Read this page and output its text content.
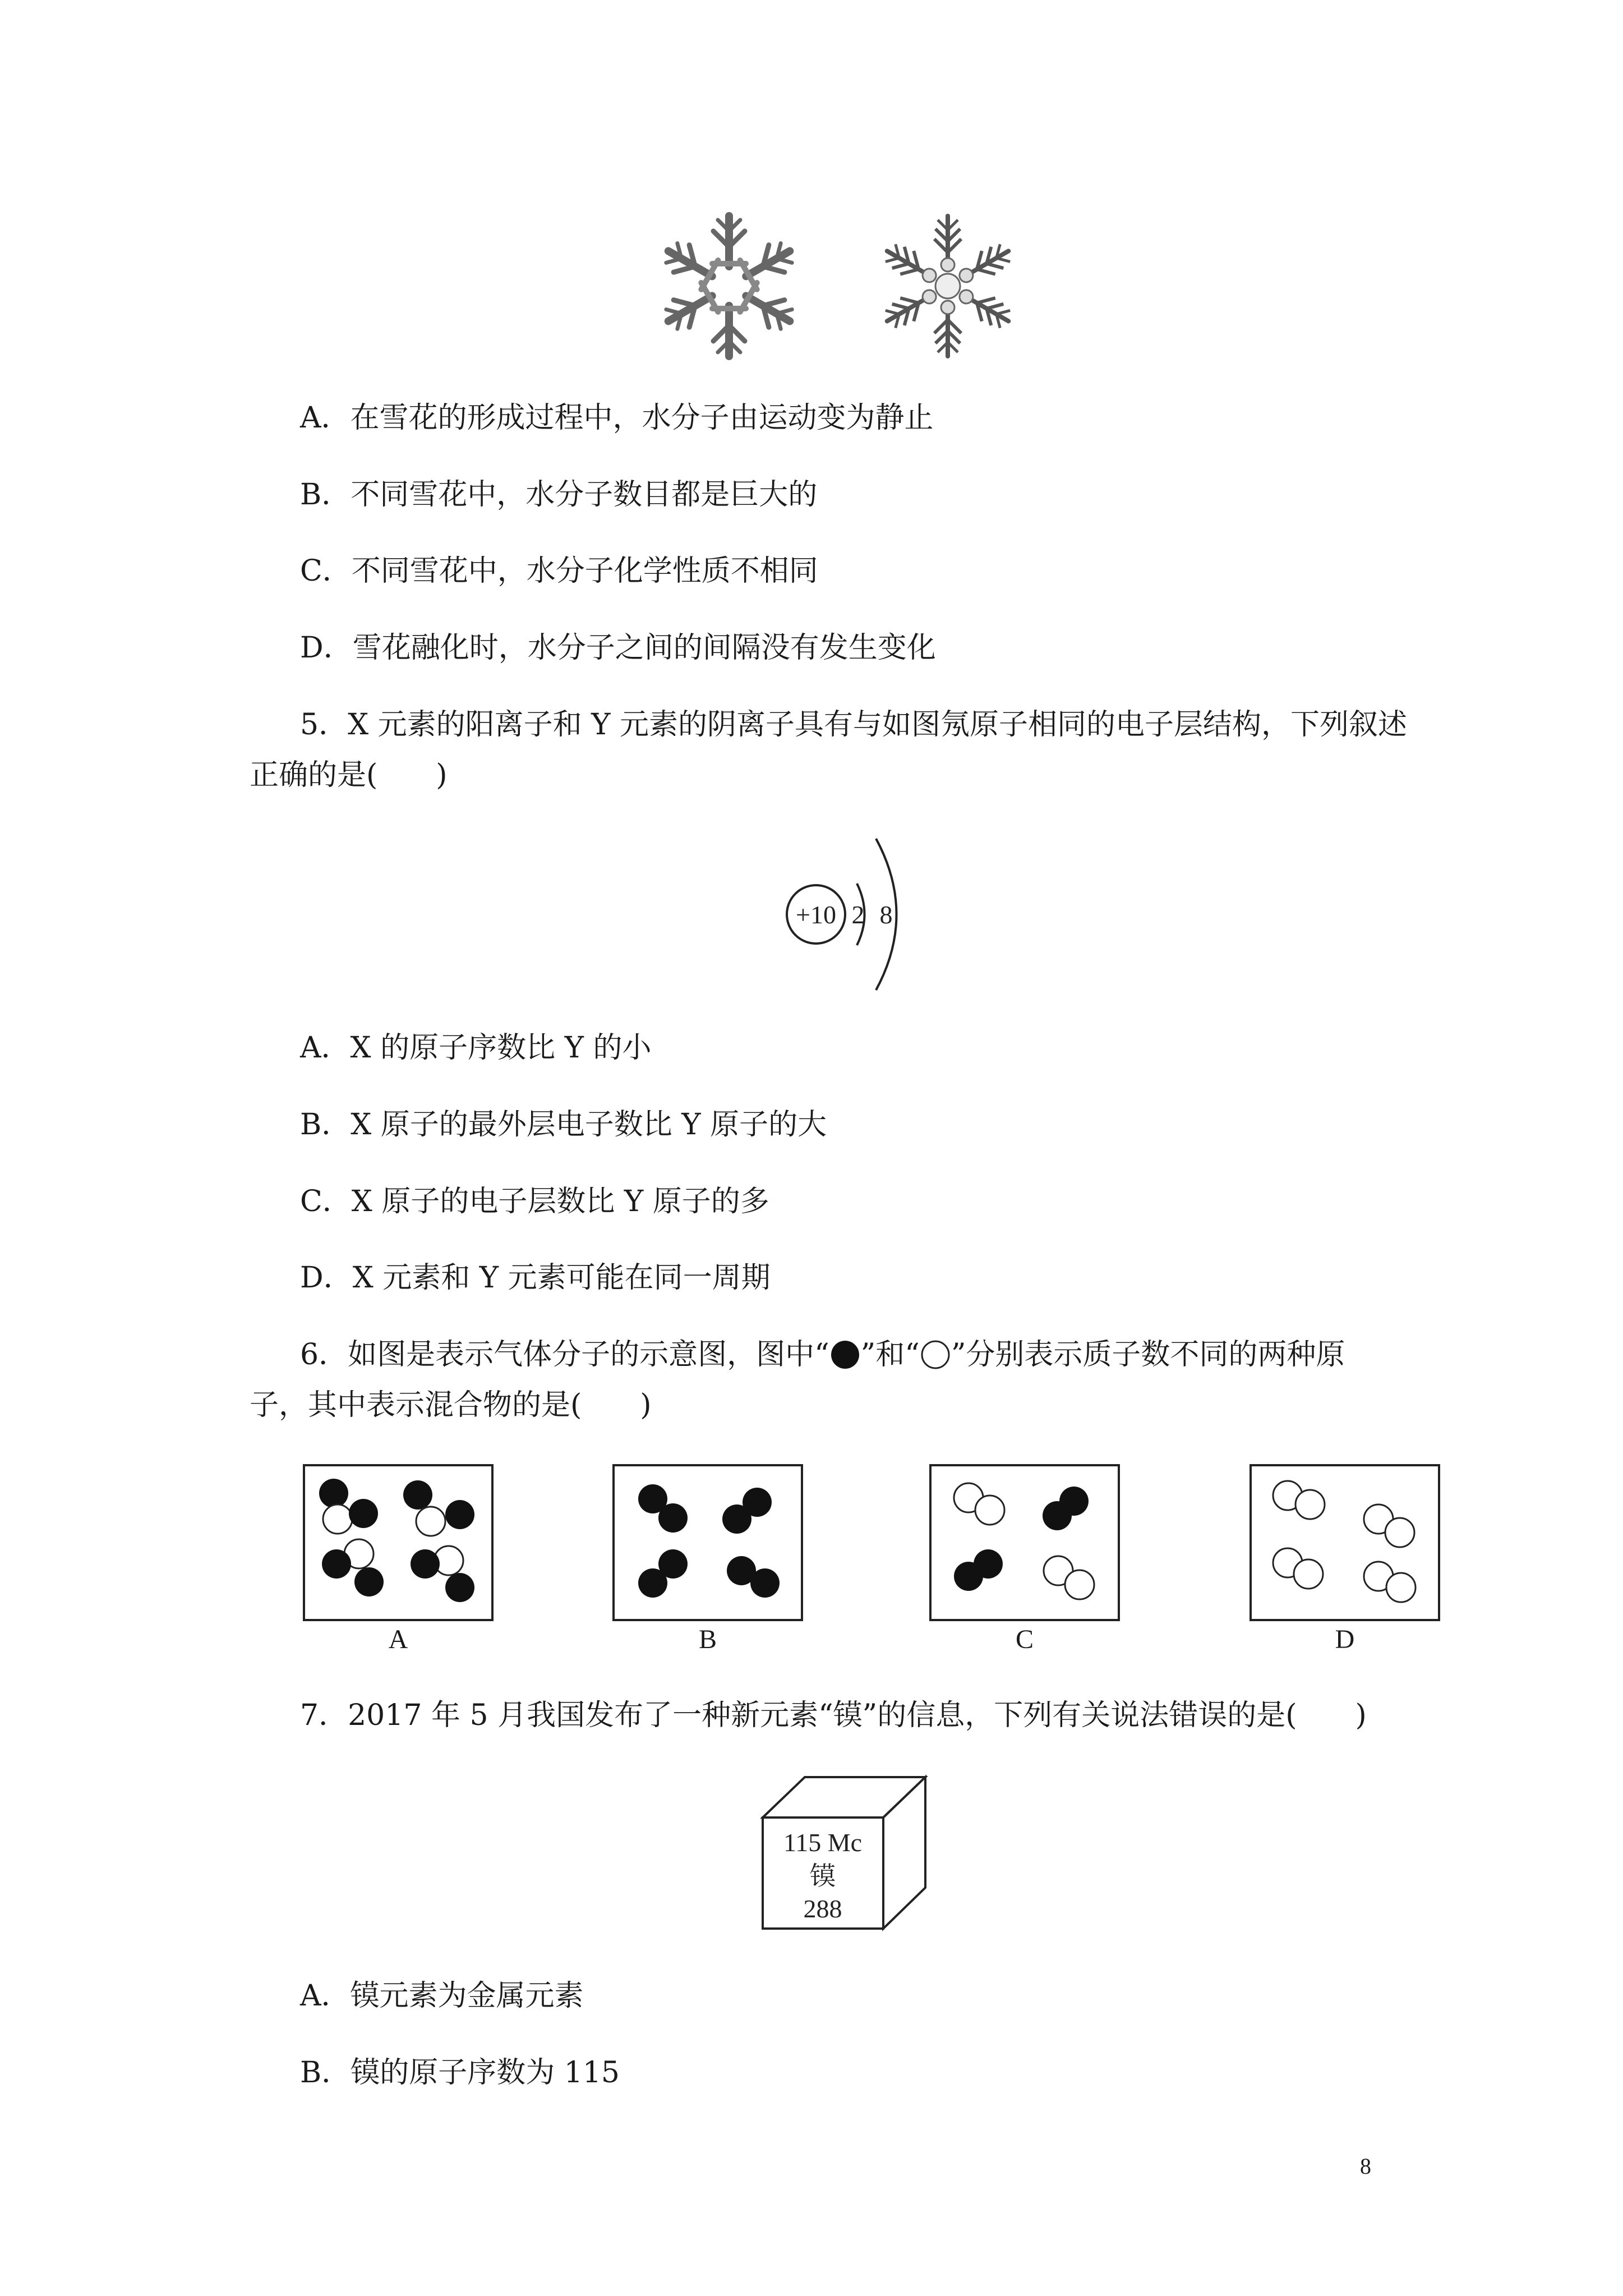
A．在雪花的形成过程中，水分子由运动变为静止
B．不同雪花中，水分子数目都是巨大的
C．不同雪花中，水分子化学性质不相同
D．雪花融化时，水分子之间的间隔没有发生变化
5．X 元素的阳离子和 Y 元素的阴离子具有与如图氖原子相同的电子层结构，下列叙述
正确的是(　　)
+10 2 8
A．X 的原子序数比 Y 的小
B．X 原子的最外层电子数比 Y 原子的大
C．X 原子的电子层数比 Y 原子的多
D．X 元素和 Y 元素可能在同一周期
6．如图是表示气体分子的示意图，图中“ ”和“ ”分别表示质子数不同的两种原
子，其中表示混合物的是(　　)
A	B	C	D
7．2017 年 5 月我国发布了一种新元素“镆”的信息，下列有关说法错误的是(　　)
115 Mc
镆
288
A．镆元素为金属元素
B．镆的原子序数为 115
8
